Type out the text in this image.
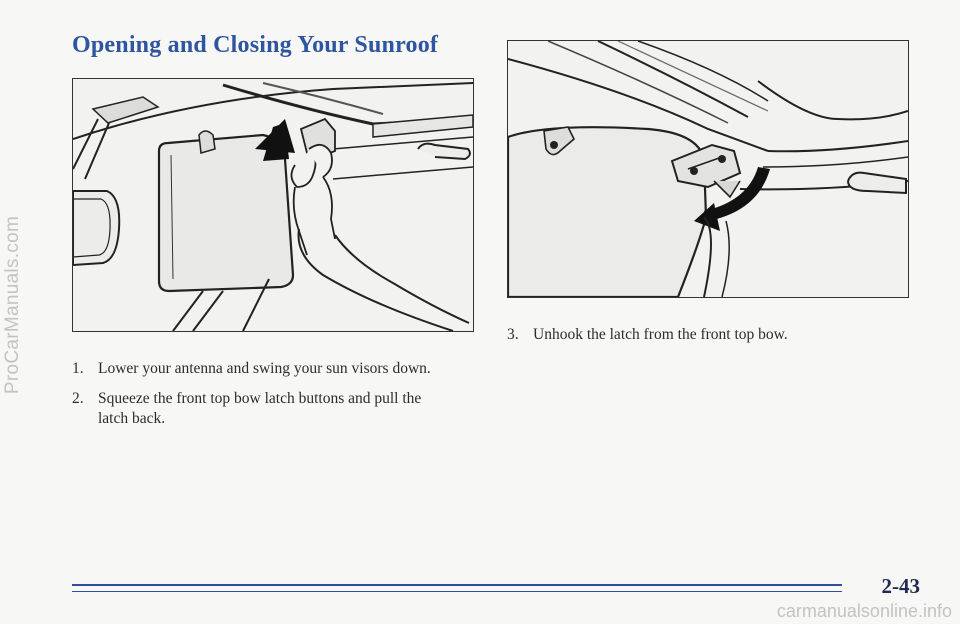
ProCarManuals.com
Opening and Closing Your Sunroof
1. Lower your antenna and swing your sun visors down.
2. Squeeze the front top bow latch buttons and pull the
latch back.
3. Unhook the latch from the front top bow.
2-43
carmanualsonline.info
